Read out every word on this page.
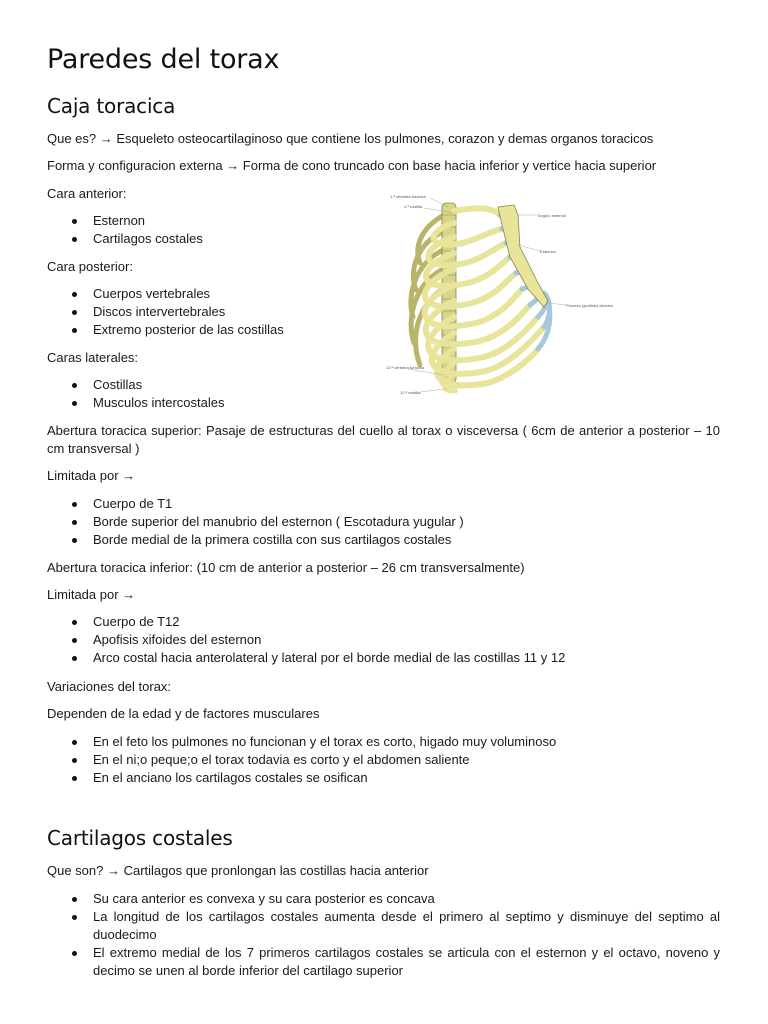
Paredes del torax
Caja toracica

Que es? → Esqueleto osteocartilaginoso que contiene los pulmones, corazon y demas organos toracicos

Forma y configuracion externa → Forma de cono truncado con base hacia inferior y vertice hacia superior

Cara anterior:

Esternon
Cartilagos costales

Cara posterior:

Cuerpos vertebrales
Discos intervertebrales
Extremo posterior de las costillas

Caras laterales:

Costillas
Musculos intercostales

Abertura toracica superior: Pasaje de estructuras del cuello al torax o visceversa ( 6cm de anterior a posterior – 10 cm transversal )

Limitada por →

Cuerpo de T1
Borde superior del manubrio del esternon ( Escotadura yugular )
Borde medial de la primera costilla con sus cartilagos costales

Abertura toracica inferior: (10 cm de anterior a posterior – 26 cm transversalmente)

Limitada por →

Cuerpo de T12
Apofisis xifoides del esternon
Arco costal hacia anterolateral y lateral por el borde medial de las costillas 11 y 12

Variaciones del torax:

Dependen de la edad y de factores musculares

En el feto los pulmones no funcionan y el torax es corto, higado muy voluminoso
En el ni;o peque;o el torax todavia es corto y el abdomen saliente
En el anciano los cartilagos costales se osifican
Cartilagos costales

Que son? → Cartilagos que pronlongan las costillas hacia anterior

Su cara anterior es convexa y su cara posterior es concava
La longitud de los cartilagos costales aumenta desde el primero al septimo y disminuye del septimo al duodecimo
El extremo medial de los 7 primeros cartilagos costales se articula con el esternon y el octavo, noveno y decimo se unen al borde inferior del cartilago superior
1.ª vértebra torácica
1.ª costilla
Ángulo esternal
Esternón
Proceso (apófisis) xifoides
12.ª vértebra torácica
12.ª costilla
